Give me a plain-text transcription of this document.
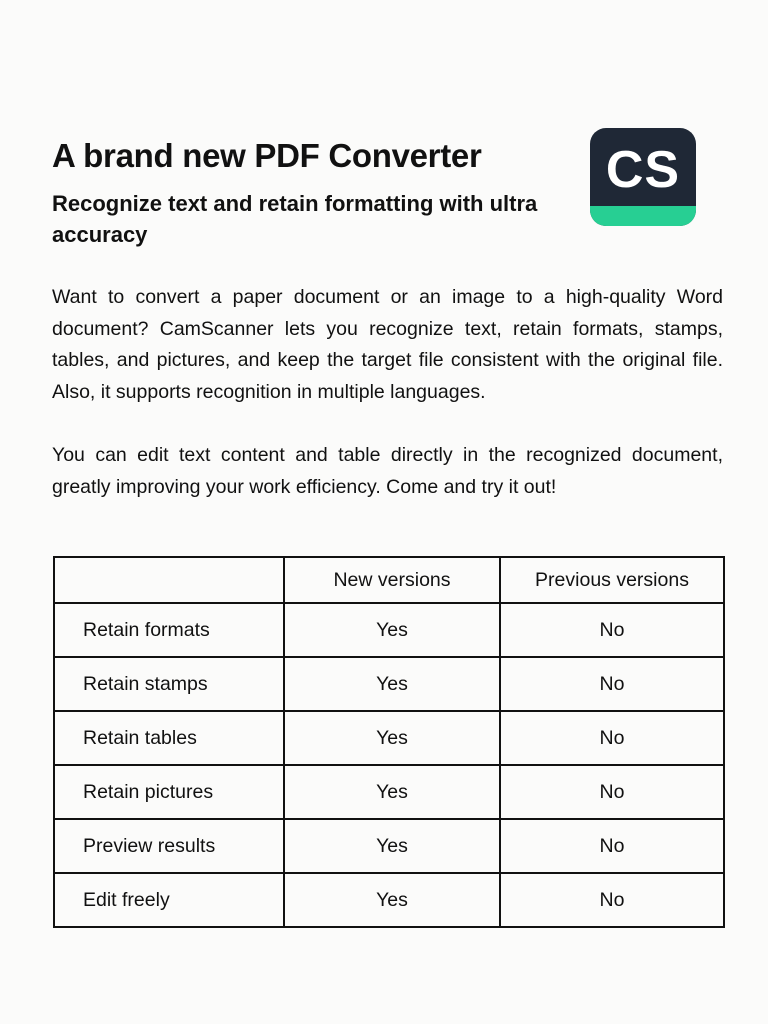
A brand new PDF Converter
Recognize text and retain formatting with ultra accuracy
CS

Want to convert a paper document or an image to a high-quality Word document? CamScanner lets you recognize text, retain formats, stamps, tables, and pictures, and keep the target file consistent with the original file. Also, it supports recognition in multiple languages.

You can edit text content and table directly in the recognized document, greatly improving your work efficiency. Come and try it out!

	New versions	Previous versions
Retain formats	Yes	No
Retain stamps	Yes	No
Retain tables	Yes	No
Retain pictures	Yes	No
Preview results	Yes	No
Edit freely	Yes	No
